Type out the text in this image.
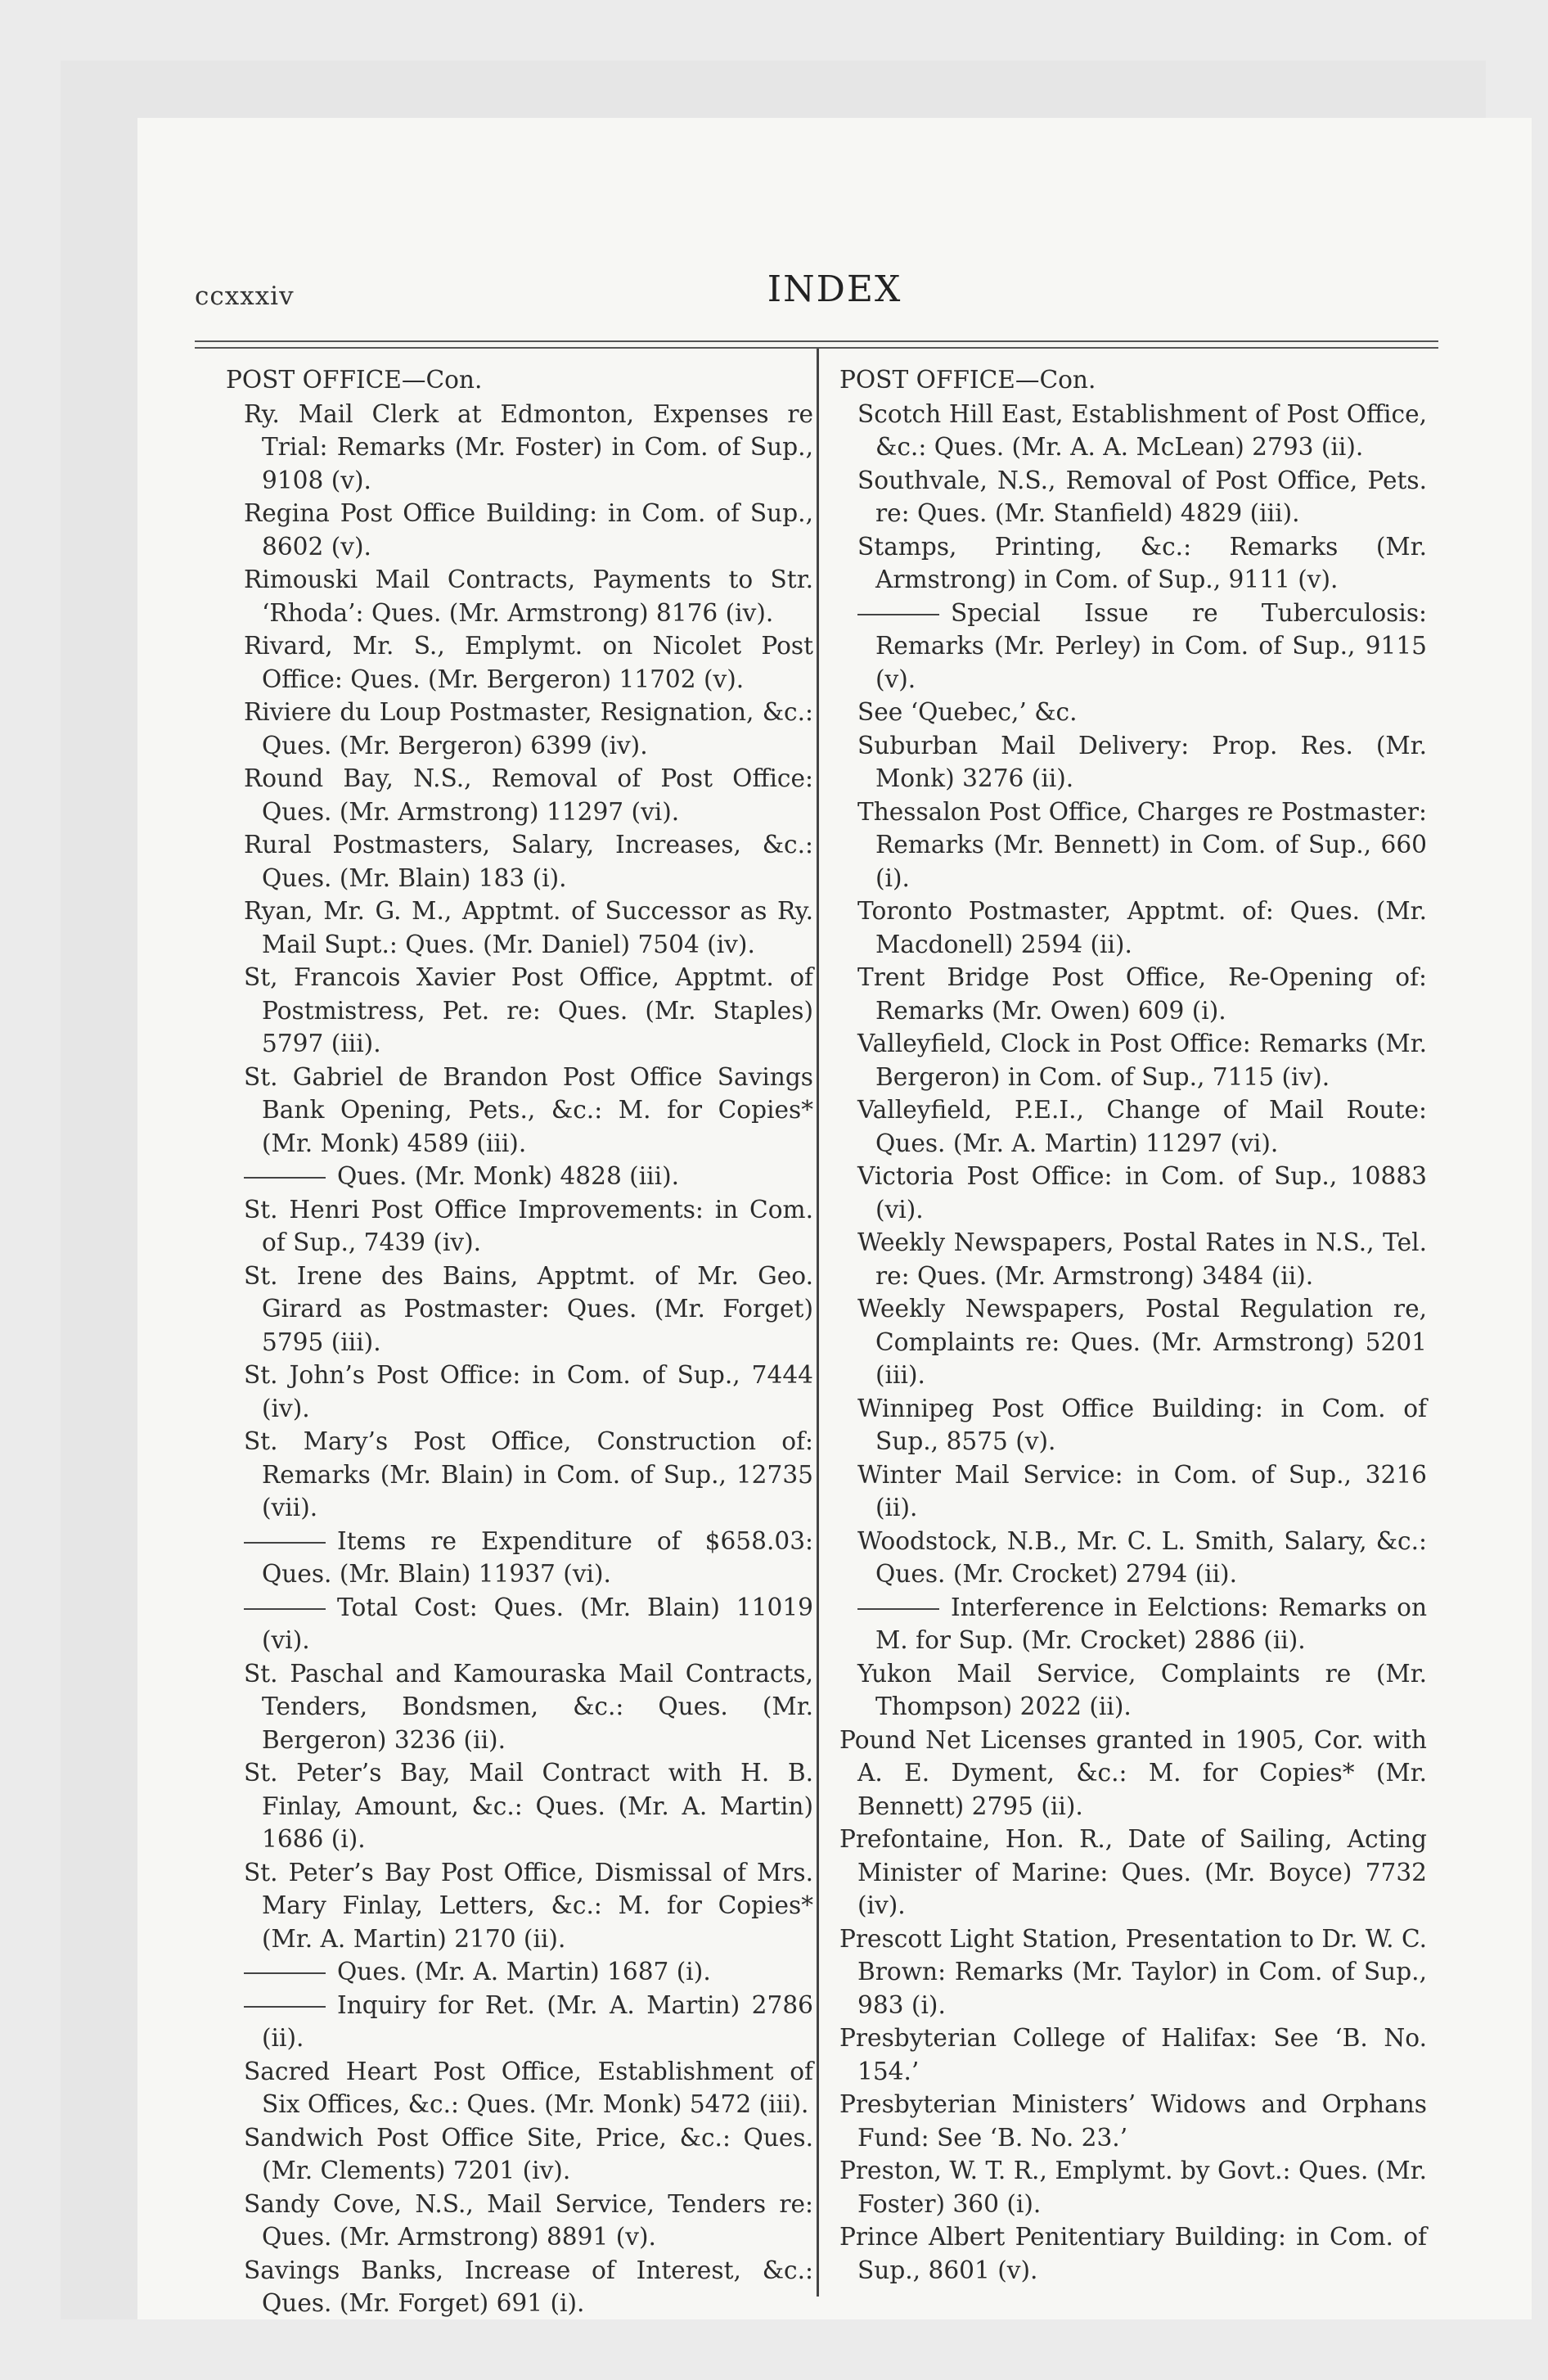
ccxxxiv	INDEX
POST OFFICE—Con.

Ry. Mail Clerk at Edmonton, Expenses re Trial: Remarks (Mr. Foster) in Com. of Sup., 9108 (v).

Regina Post Office Building: in Com. of Sup., 8602 (v).

Rimouski Mail Contracts, Payments to Str. ‘Rhoda’: Ques. (Mr. Armstrong) 8176 (iv).

Rivard, Mr. S., Emplymt. on Nicolet Post Office: Ques. (Mr. Bergeron) 11702 (v).

Riviere du Loup Postmaster, Resignation, &c.: Ques. (Mr. Bergeron) 6399 (iv).

Round Bay, N.S., Removal of Post Office: Ques. (Mr. Armstrong) 11297 (vi).

Rural Postmasters, Salary, Increases, &c.: Ques. (Mr. Blain) 183 (i).

Ryan, Mr. G. M., Apptmt. of Successor as Ry. Mail Supt.: Ques. (Mr. Daniel) 7504 (iv).

St, Francois Xavier Post Office, Apptmt. of Postmistress, Pet. re: Ques. (Mr. Staples) 5797 (iii).

St. Gabriel de Brandon Post Office Savings Bank Opening, Pets., &c.: M. for Copies* (Mr. Monk) 4589 (iii).

Ques. (Mr. Monk) 4828 (iii).

St. Henri Post Office Improvements: in Com. of Sup., 7439 (iv).

St. Irene des Bains, Apptmt. of Mr. Geo. Girard as Postmaster: Ques. (Mr. Forget) 5795 (iii).

St. John’s Post Office: in Com. of Sup., 7444 (iv).

St. Mary’s Post Office, Construction of: Remarks (Mr. Blain) in Com. of Sup., 12735 (vii).

Items re Expenditure of $658.03: Ques. (Mr. Blain) 11937 (vi).

Total Cost: Ques. (Mr. Blain) 11019 (vi).

St. Paschal and Kamouraska Mail Contracts, Tenders, Bondsmen, &c.: Ques. (Mr. Bergeron) 3236 (ii).

St. Peter’s Bay, Mail Contract with H. B. Finlay, Amount, &c.: Ques. (Mr. A. Martin) 1686 (i).

St. Peter’s Bay Post Office, Dismissal of Mrs. Mary Finlay, Letters, &c.: M. for Copies* (Mr. A. Martin) 2170 (ii).

Ques. (Mr. A. Martin) 1687 (i).

Inquiry for Ret. (Mr. A. Martin) 2786 (ii).

Sacred Heart Post Office, Establishment of Six Offices, &c.: Ques. (Mr. Monk) 5472 (iii).

Sandwich Post Office Site, Price, &c.: Ques. (Mr. Clements) 7201 (iv).

Sandy Cove, N.S., Mail Service, Tenders re: Ques. (Mr. Armstrong) 8891 (v).

Savings Banks, Increase of Interest, &c.: Ques. (Mr. Forget) 691 (i).

POST OFFICE—Con.

Scotch Hill East, Establishment of Post Office, &c.: Ques. (Mr. A. A. McLean) 2793 (ii).

Southvale, N.S., Removal of Post Office, Pets. re: Ques. (Mr. Stanfield) 4829 (iii).

Stamps, Printing, &c.: Remarks (Mr. Armstrong) in Com. of Sup., 9111 (v).

Special Issue re Tuberculosis: Remarks (Mr. Perley) in Com. of Sup., 9115 (v).

See ‘Quebec,’ &c.

Suburban Mail Delivery: Prop. Res. (Mr. Monk) 3276 (ii).

Thessalon Post Office, Charges re Postmaster: Remarks (Mr. Bennett) in Com. of Sup., 660 (i).

Toronto Postmaster, Apptmt. of: Ques. (Mr. Macdonell) 2594 (ii).

Trent Bridge Post Office, Re-Opening of: Remarks (Mr. Owen) 609 (i).

Valleyfield, Clock in Post Office: Remarks (Mr. Bergeron) in Com. of Sup., 7115 (iv).

Valleyfield, P.E.I., Change of Mail Route: Ques. (Mr. A. Martin) 11297 (vi).

Victoria Post Office: in Com. of Sup., 10883 (vi).

Weekly Newspapers, Postal Rates in N.S., Tel. re: Ques. (Mr. Armstrong) 3484 (ii).

Weekly Newspapers, Postal Regulation re, Complaints re: Ques. (Mr. Armstrong) 5201 (iii).

Winnipeg Post Office Building: in Com. of Sup., 8575 (v).

Winter Mail Service: in Com. of Sup., 3216 (ii).

Woodstock, N.B., Mr. C. L. Smith, Salary, &c.: Ques. (Mr. Crocket) 2794 (ii).

Interference in Eelctions: Remarks on M. for Sup. (Mr. Crocket) 2886 (ii).

Yukon Mail Service, Complaints re (Mr. Thompson) 2022 (ii).

Pound Net Licenses granted in 1905, Cor. with A. E. Dyment, &c.: M. for Copies* (Mr. Bennett) 2795 (ii).

Prefontaine, Hon. R., Date of Sailing, Acting Minister of Marine: Ques. (Mr. Boyce) 7732 (iv).

Prescott Light Station, Presentation to Dr. W. C. Brown: Remarks (Mr. Taylor) in Com. of Sup., 983 (i).

Presbyterian College of Halifax: See ‘B. No. 154.’

Presbyterian Ministers’ Widows and Orphans Fund: See ‘B. No. 23.’

Preston, W. T. R., Emplymt. by Govt.: Ques. (Mr. Foster) 360 (i).

Prince Albert Penitentiary Building: in Com. of Sup., 8601 (v).
